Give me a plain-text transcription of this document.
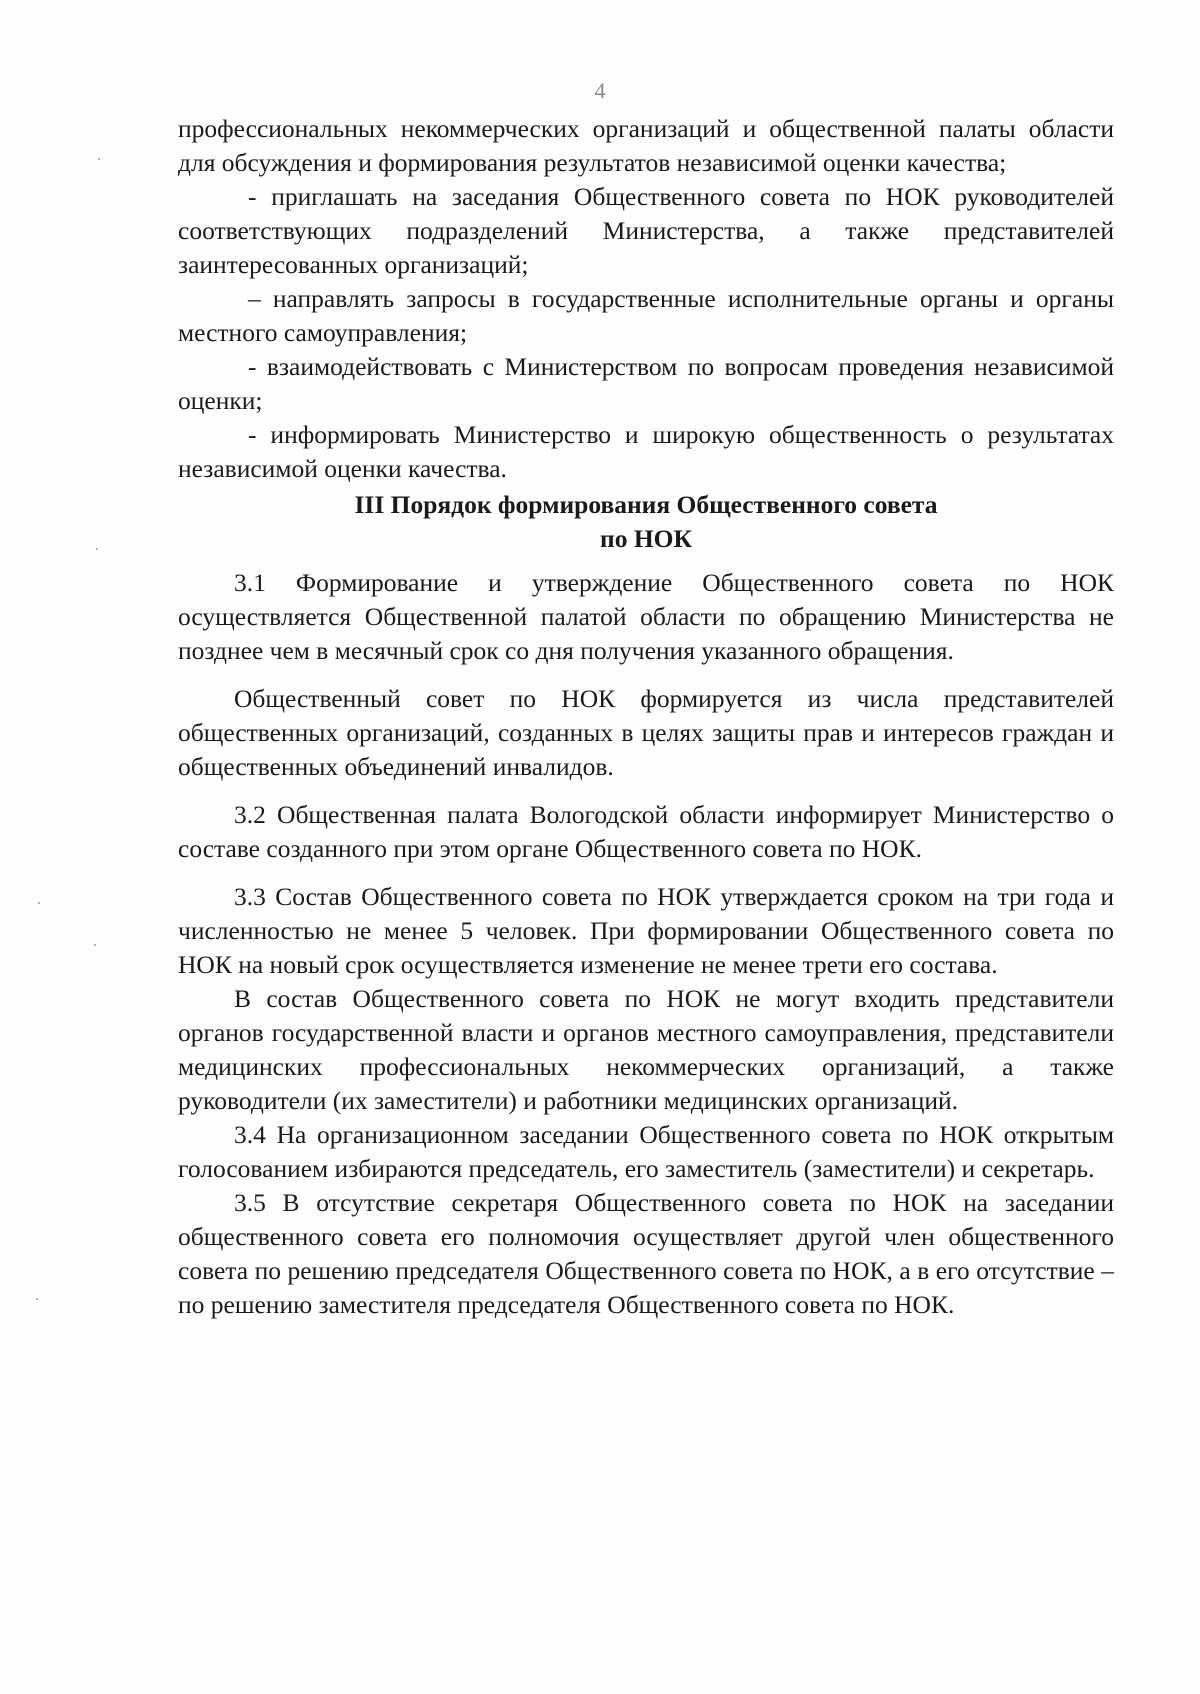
4

профессиональных некоммерческих организаций и общественной палаты области для обсуждения и формирования результатов независимой оценки качества;

- приглашать на заседания Общественного совета по НОК руководителей соответствующих подразделений Министерства, а также представителей заинтересованных организаций;

– направлять запросы в государственные исполнительные органы и органы местного самоуправления;

- взаимодействовать с Министерством по вопросам проведения независимой оценки;

- информировать Министерство и широкую общественность о результатах независимой оценки качества.

III Порядок формирования Общественного совета
по НОК

3.1 Формирование и утверждение Общественного совета по НОК осуществляется Общественной палатой области по обращению Министерства не позднее чем в месячный срок со дня получения указанного обращения.

Общественный совет по НОК формируется из числа представителей общественных организаций, созданных в целях защиты прав и интересов граждан и общественных объединений инвалидов.

3.2 Общественная палата Вологодской области информирует Министерство о составе созданного при этом органе Общественного совета по НОК.

3.3 Состав Общественного совета по НОК утверждается сроком на три года и численностью не менее 5 человек. При формировании Общественного совета по НОК на новый срок осуществляется изменение не менее трети его состава.

В состав Общественного совета по НОК не могут входить представители органов государственной власти и органов местного самоуправления, представители медицинских профессиональных некоммерческих организаций, а также руководители (их заместители) и работники медицинских организаций.

3.4 На организационном заседании Общественного совета по НОК открытым голосованием избираются председатель, его заместитель (заместители) и секретарь.

3.5 В отсутствие секретаря Общественного совета по НОК на заседании общественного совета его полномочия осуществляет другой член общественного совета по решению председателя Общественного совета по НОК, а в его отсутствие – по решению заместителя председателя Общественного совета по НОК.
